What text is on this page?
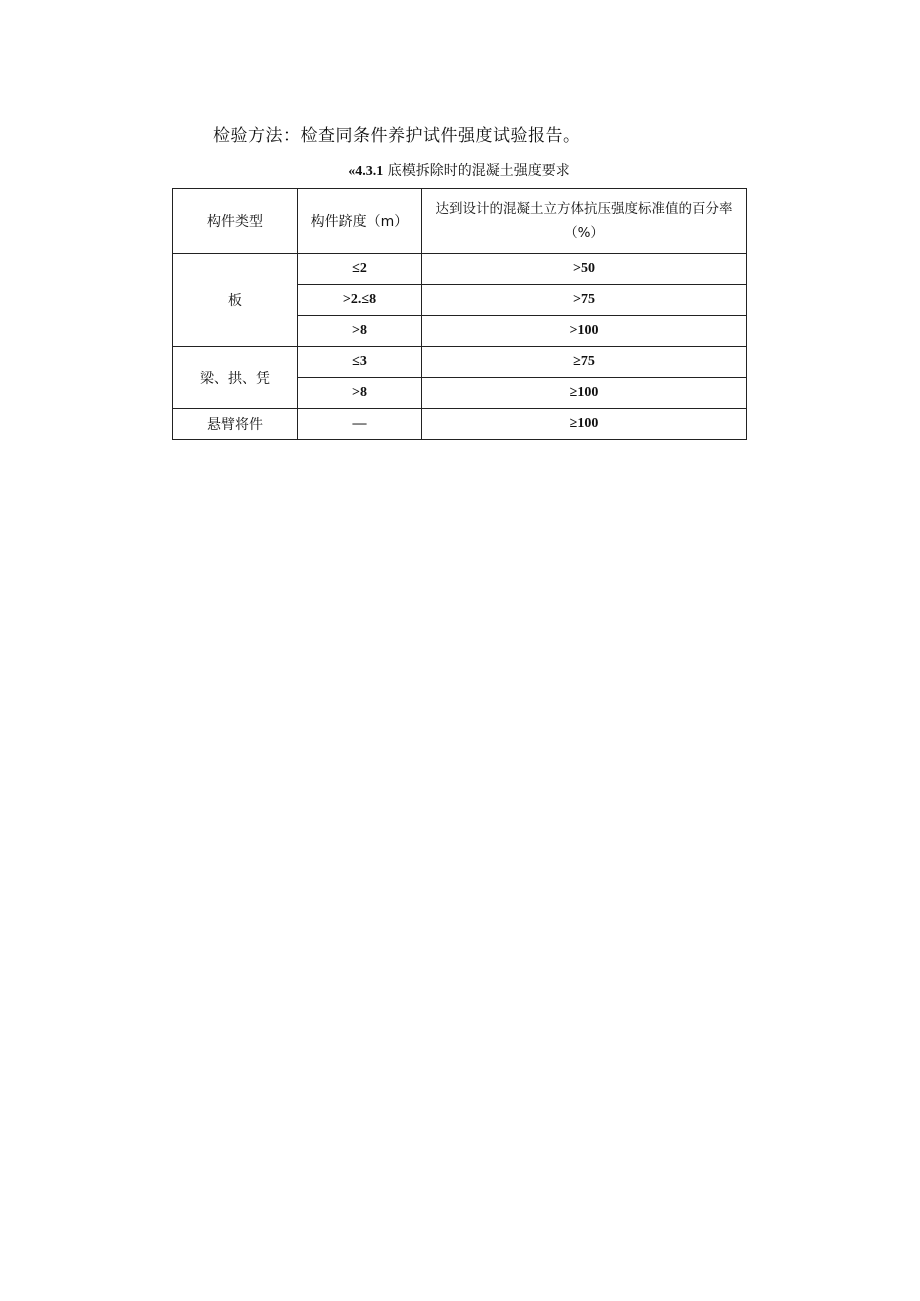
检验方法：检查同条件养护试件强度试验报告。
«4.3.1 底模拆除时的混凝土强度要求
构件类型	构件跻度（m）	达到设计的混凝土立方体抗压强度标准值的百分率（%）
板	≤2	>50
	>2.≤8	>75
	>8	>100
梁、拱、凭	≤3	≥75
	>8	≥100
悬臂将件	—	≥100
